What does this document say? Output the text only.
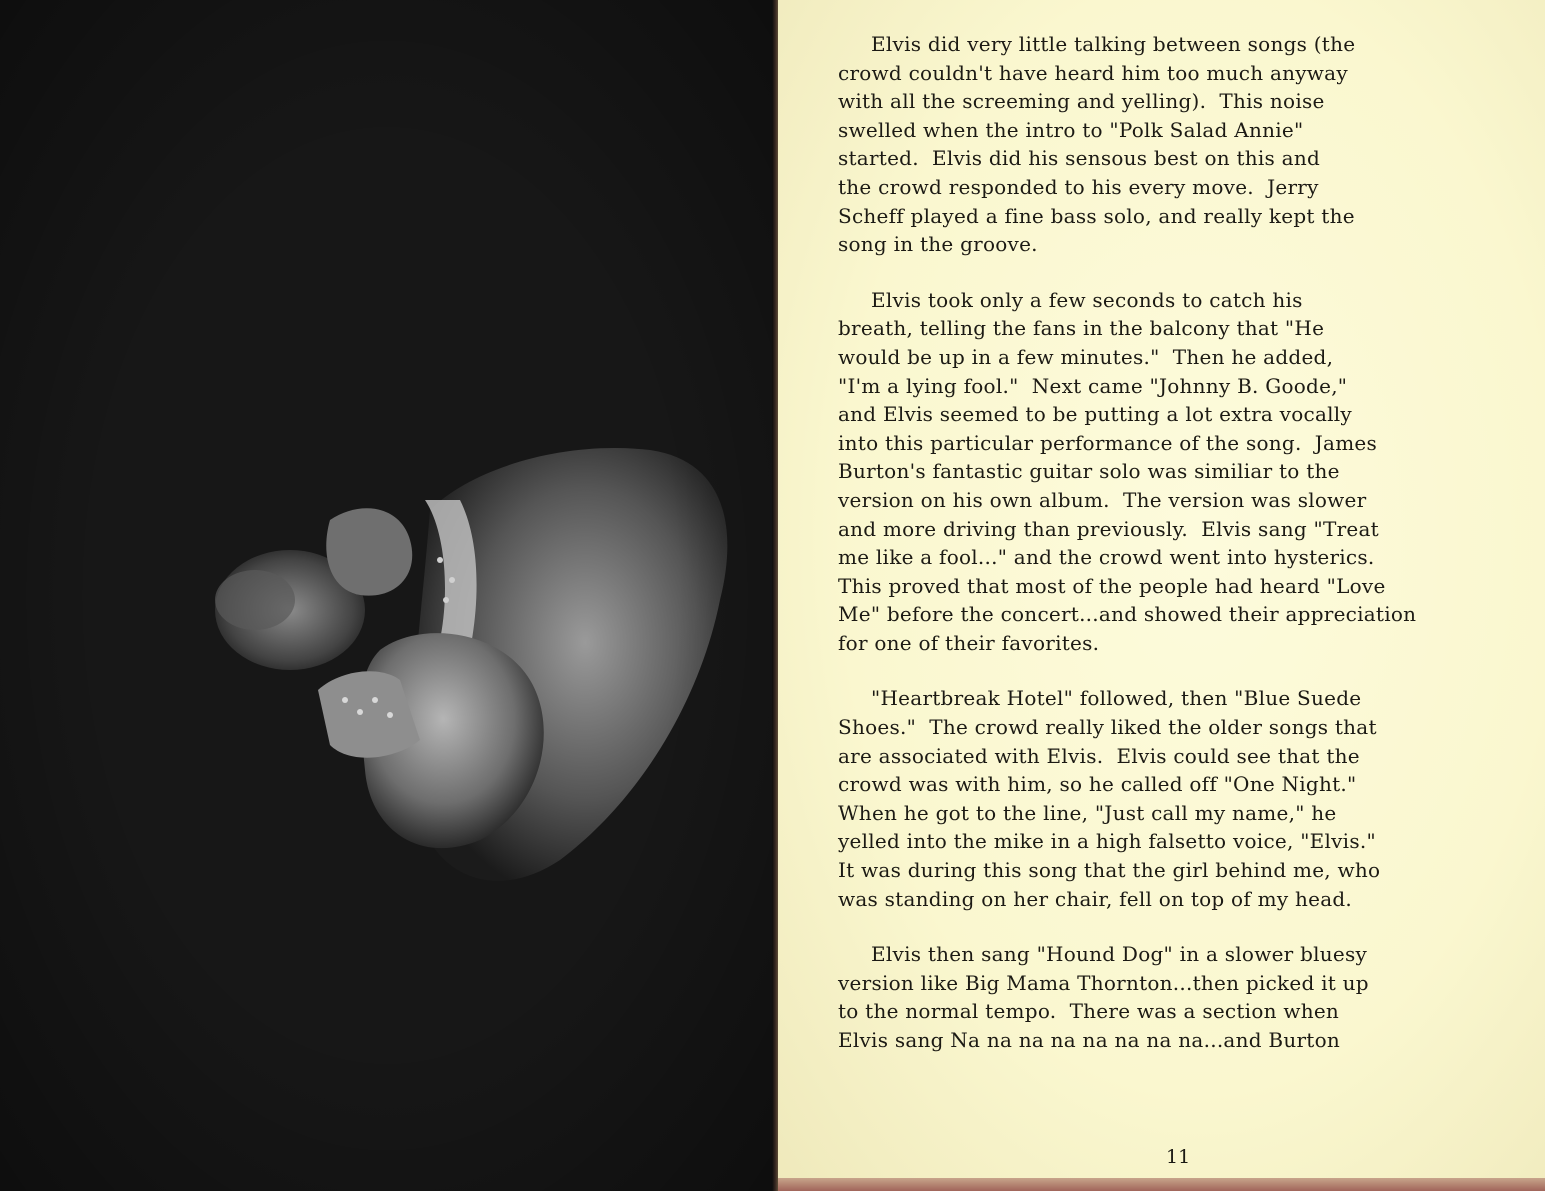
Elvis did very little talking between songs (the
crowd couldn't have heard him too much anyway
with all the screeming and yelling).  This noise
swelled when the intro to "Polk Salad Annie"
started.  Elvis did his sensous best on this and
the crowd responded to his every move.  Jerry
Scheff played a fine bass solo, and really kept the
song in the groove.
Elvis took only a few seconds to catch his
breath, telling the fans in the balcony that "He
would be up in a few minutes."  Then he added,
"I'm a lying fool."  Next came "Johnny B. Goode,"
and Elvis seemed to be putting a lot extra vocally
into this particular performance of the song.  James
Burton's fantastic guitar solo was similiar to the
version on his own album.  The version was slower
and more driving than previously.  Elvis sang "Treat
me like a fool..." and the crowd went into hysterics.
This proved that most of the people had heard "Love
Me" before the concert...and showed their appreciation
for one of their favorites.
"Heartbreak Hotel" followed, then "Blue Suede
Shoes."  The crowd really liked the older songs that
are associated with Elvis.  Elvis could see that the
crowd was with him, so he called off "One Night."
When he got to the line, "Just call my name," he
yelled into the mike in a high falsetto voice, "Elvis."
It was during this song that the girl behind me, who
was standing on her chair, fell on top of my head.
Elvis then sang "Hound Dog" in a slower bluesy
version like Big Mama Thornton...then picked it up
to the normal tempo.  There was a section when
Elvis sang Na na na na na na na na...and Burton
11
